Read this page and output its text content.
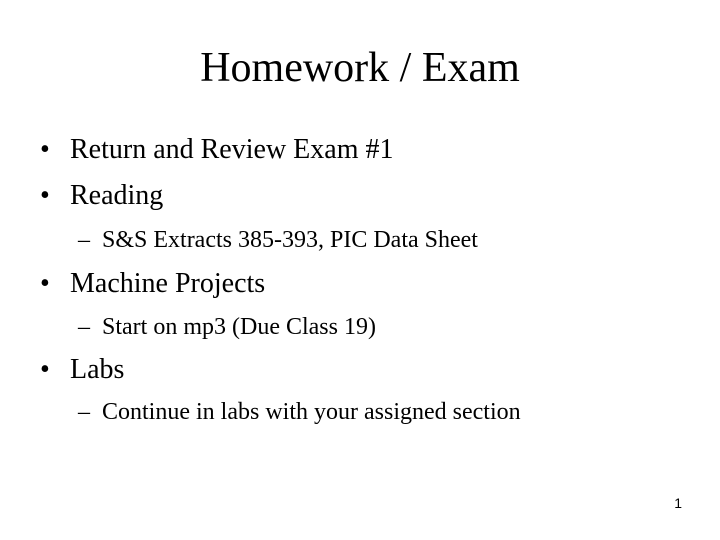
Homework / Exam
• Return and Review Exam #1
• Reading
– S&S Extracts 385-393, PIC Data Sheet
• Machine Projects
– Start on mp3 (Due Class 19)
• Labs
– Continue in labs with your assigned section
1
